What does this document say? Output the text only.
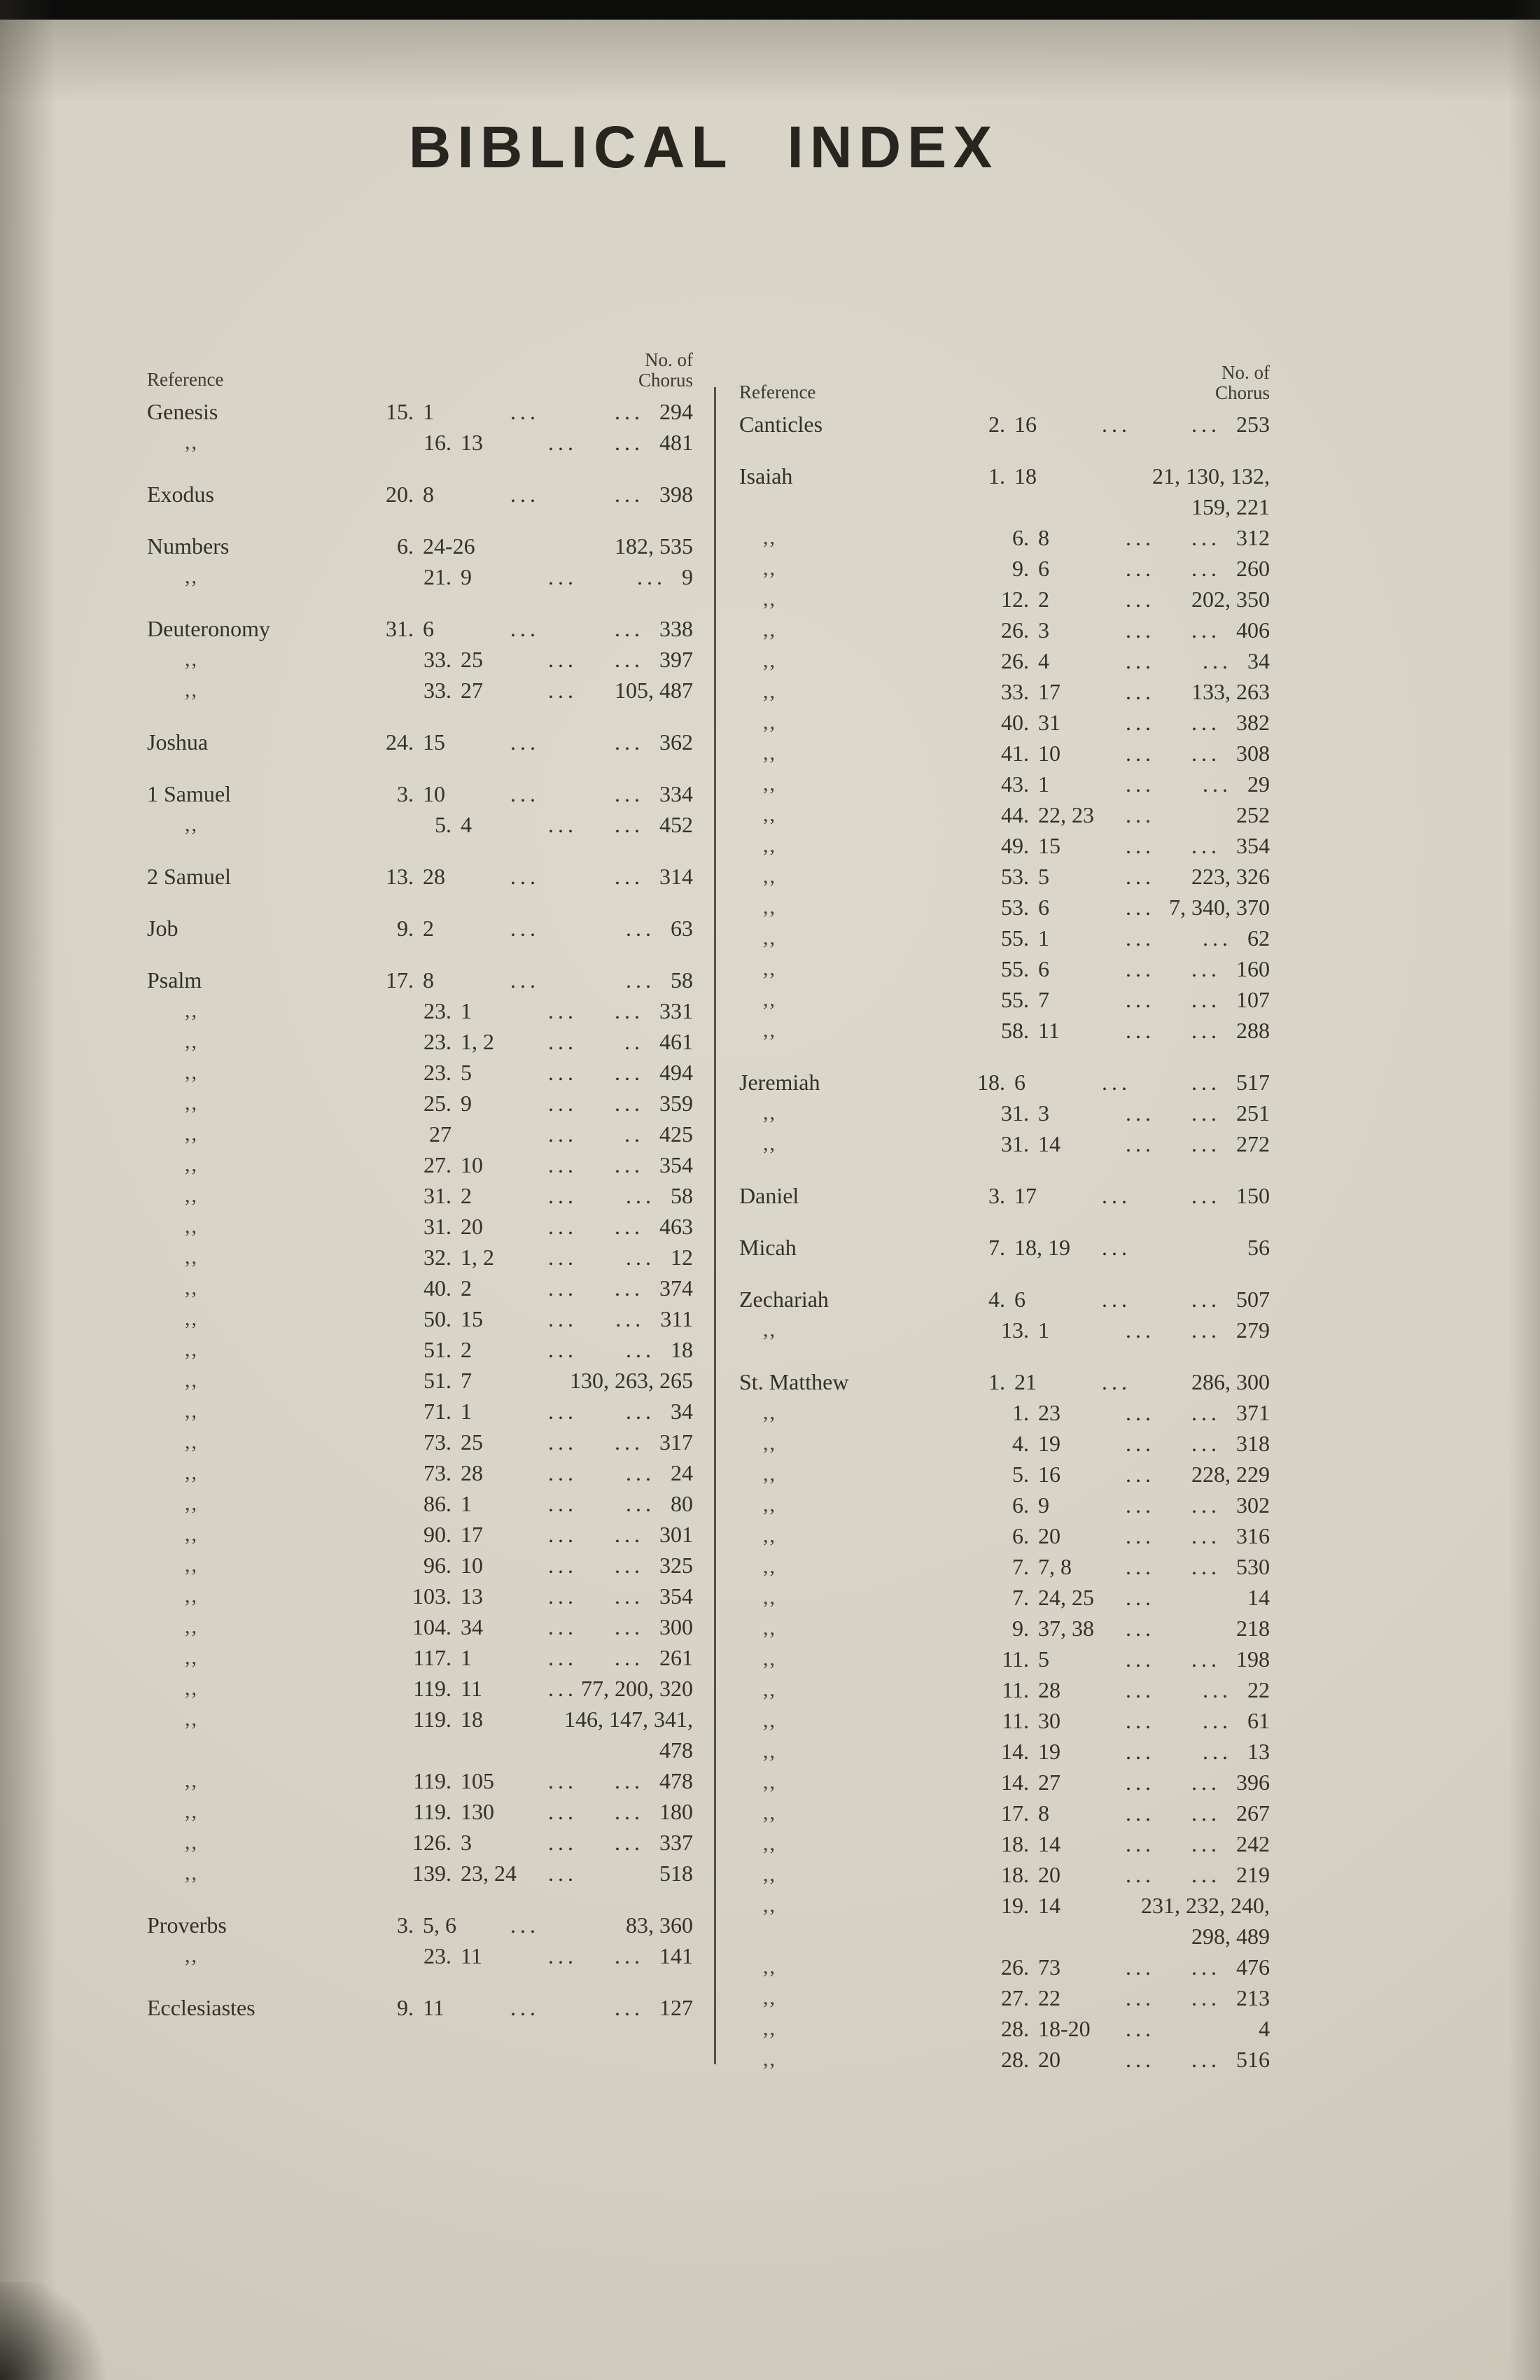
BIBLICAL INDEX
Reference
No. of
Chorus
Genesis	15. 1	...	... 294
,,	16. 13	... ... 481
Exodus	20. 8	...	... 398
Numbers	6. 24-26	182, 535
,,	21. 9	...	... 9
Deuteronomy	31. 6	...	... 338
,,	33. 25	... ... 397
,,	33. 27	... 105, 487
Joshua	24. 15	...	... 362
1 Samuel	3. 10	...	... 334
,,	5. 4	... ... 452
2 Samuel	13. 28	...	... 314
Job	9. 2	...	... 63
Psalm	17. 8	...	... 58
,,	23. 1	... ... 331
,,	23. 1, 2	... .. 461
,,	23. 5	... ... 494
,,	25. 9	... ... 359
,,	27	... .. 425
,,	27. 10	... ... 354
,,	31. 2	... ... 58
,,	31. 20	... ... 463
,,	32. 1, 2	... ... 12
,,	40. 2	... ... 374
,,	50. 15	... ... 311
,,	51. 2	... ... 18
,,	51. 7	130, 263, 265
,,	71. 1	... ... 34
,,	73. 25	... ... 317
,,	73. 28	... ... 24
,,	86. 1	... ... 80
,,	90. 17	... ... 301
,,	96. 10	... ... 325
,,	103. 13	... ... 354
,,	104. 34	... ... 300
,,	117. 1	... ... 261
,,	119. 11	... 77, 200, 320
,,	119. 18	146, 147, 341,
478
,,	119. 105	... ... 478
,,	119. 130	... ... 180
,,	126. 3	... ... 337
,,	139. 23, 24	...	518
Proverbs	3. 5, 6	...	83, 360
,,	23. 11	... ... 141
Ecclesiastes	9. 11	...	... 127
Reference
No. of
Chorus
Canticles	2. 16	...	... 253
Isaiah	1. 18	21, 130, 132,
159, 221
,,	6. 8	... ... 312
,,	9. 6	... ... 260
,,	12. 2	... 202, 350
,,	26. 3	... ... 406
,,	26. 4	... ... 34
,,	33. 17	... 133, 263
,,	40. 31	... ... 382
,,	41. 10	... ... 308
,,	43. 1	... ... 29
,,	44. 22, 23	...	252
,,	49. 15	... ... 354
,,	53. 5	... 223, 326
,,	53. 6	... 7, 340, 370
,,	55. 1	... ... 62
,,	55. 6	... ... 160
,,	55. 7	... ... 107
,,	58. 11	... ... 288
Jeremiah	18. 6	...	... 517
,,	31. 3	... ... 251
,,	31. 14	... ... 272
Daniel	3. 17	...	... 150
Micah	7. 18, 19	...	56
Zechariah	4. 6	...	... 507
,,	13. 1	... ... 279
St. Matthew	1. 21	...	286, 300
,,	1. 23	... ... 371
,,	4. 19	... ... 318
,,	5. 16	... 228, 229
,,	6. 9	... ... 302
,,	6. 20	... ... 316
,,	7. 7, 8	... ... 530
,,	7. 24, 25	...	14
,,	9. 37, 38	...	218
,,	11. 5	... ... 198
,,	11. 28	... ... 22
,,	11. 30	... ... 61
,,	14. 19	... ... 13
,,	14. 27	... ... 396
,,	17. 8	... ... 267
,,	18. 14	... ... 242
,,	18. 20	... ... 219
,,	19. 14	231, 232, 240,
298, 489
,,	26. 73	... ... 476
,,	27. 22	... ... 213
,,	28. 18-20	...	4
,,	28. 20	... ... 516
